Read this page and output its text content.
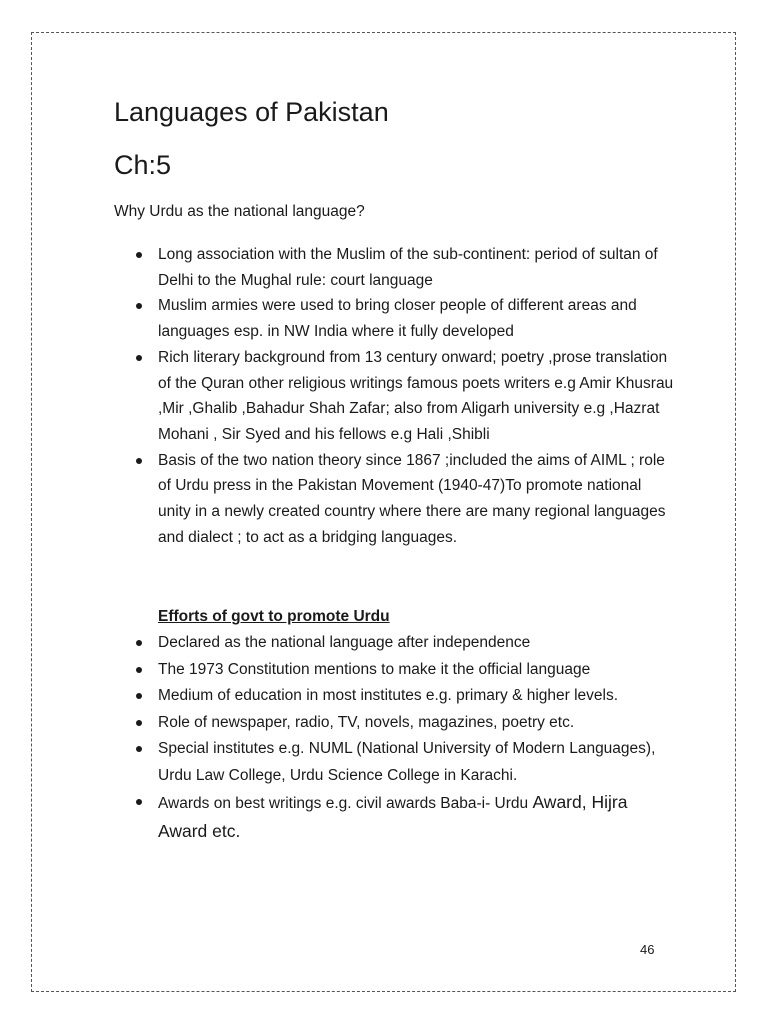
Languages of Pakistan
Ch:5

Why Urdu as the national language?

Long association with the Muslim of the sub-continent: period of sultan of Delhi to the Mughal rule: court language
Muslim armies were used to bring closer people of different areas and languages esp. in NW India where it fully developed
Rich literary background from 13 century onward; poetry ,prose translation of the Quran other religious writings famous poets writers e.g Amir Khusrau ,Mir ,Ghalib ,Bahadur Shah Zafar; also from Aligarh university e.g ,Hazrat Mohani , Sir Syed and his fellows e.g Hali ,Shibli
Basis of the two nation theory since 1867 ;included the aims of AIML ; role of Urdu press in the Pakistan Movement (1940-47)To promote national unity in a newly created country where there are many regional languages and dialect ; to act as a bridging languages.

Efforts of govt to promote Urdu

Declared as the national language after independence
The 1973 Constitution mentions to make it the official language
Medium of education in most institutes e.g. primary & higher levels.
Role of newspaper, radio, TV, novels, magazines, poetry etc.
Special institutes e.g. NUML (National University of Modern Languages), Urdu Law College, Urdu Science College in Karachi.
Awards on best writings e.g. civil awards Baba-i- Urdu Award, Hijra Award etc.
46
